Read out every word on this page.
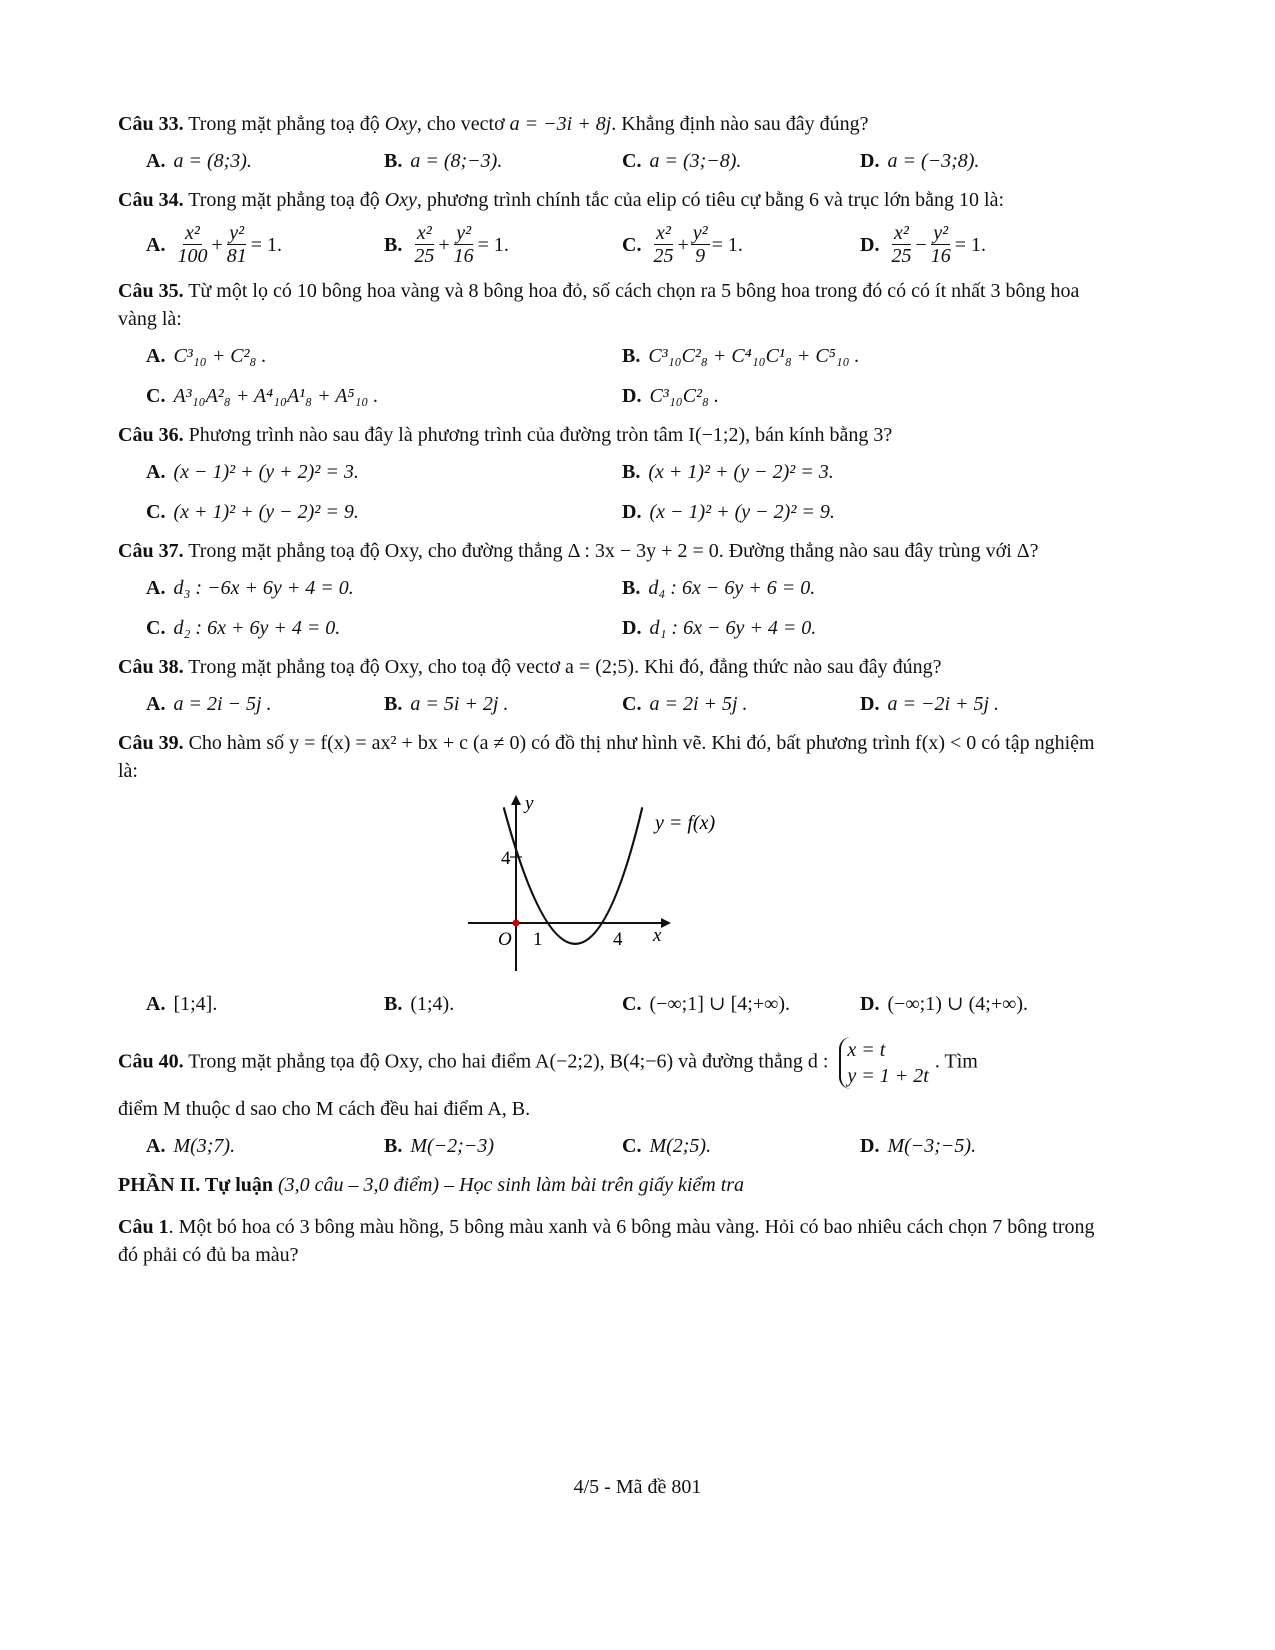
Câu 33. Trong mặt phẳng toạ độ Oxy, cho vectơ a = −3i + 8j. Khẳng định nào sau đây đúng?
A. a = (8;3).	B. a = (8;−3).	C. a = (3;−8).	D. a = (−3;8).
Câu 34. Trong mặt phẳng toạ độ Oxy, phương trình chính tắc của elip có tiêu cự bằng 6 và trục lớn bằng 10 là:
A. $\frac{\text{x²}}{100} + \frac{\text{y²}}{81} = 1$.	B. $\frac{\text{x²}}{25} + \frac{\text{y²}}{16} = 1$.	C. $\frac{\text{x²}}{25} + \frac{\text{y²}}{9} = 1$.	D. $\frac{\text{x²}}{25} - \frac{\text{y²}}{16} = 1$.
Câu 35. Từ một lọ có 10 bông hoa vàng và 8 bông hoa đỏ, số cách chọn ra 5 bông hoa trong đó có có ít nhất 3 bông hoa vàng là:
A. C³₁₀ + C²₈ .	B. C³₁₀C²₈ + C⁴₁₀C¹₈ + C⁵₁₀ .
C. A³₁₀A²₈ + A⁴₁₀A¹₈ + A⁵₁₀ .	D. C³₁₀C²₈ .
Câu 36. Phương trình nào sau đây là phương trình của đường tròn tâm I(−1;2), bán kính bằng 3?
A. (x − 1)² + (y + 2)² = 3.	B. (x + 1)² + (y − 2)² = 3.
C. (x + 1)² + (y − 2)² = 9.	D. (x − 1)² + (y − 2)² = 9.
Câu 37. Trong mặt phẳng toạ độ Oxy, cho đường thẳng Δ : 3x − 3y + 2 = 0. Đường thẳng nào sau đây trùng với Δ?
A. d₃ : −6x + 6y + 4 = 0.	B. d₄ : 6x − 6y + 6 = 0.
C. d₂ : 6x + 6y + 4 = 0.	D. d₁ : 6x − 6y + 4 = 0.
Câu 38. Trong mặt phẳng toạ độ Oxy, cho toạ độ vectơ a = (2;5). Khi đó, đẳng thức nào sau đây đúng?
A. a = 2i − 5j .	B. a = 5i + 2j .	C. a = 2i + 5j .	D. a = −2i + 5j .
Câu 39. Cho hàm số y = f(x) = ax² + bx + c (a ≠ 0) có đồ thị như hình vẽ. Khi đó, bất phương trình f(x) < 0 có tập nghiệm là:
y
x
O
4
1	4
y = f(x)
A. [1;4].	B. (1;4).	C. (−∞;1] ∪ [4;+∞).	D. (−∞;1) ∪ (4;+∞).
Câu 40. Trong mặt phẳng tọa độ Oxy, cho hai điểm A(−2;2), B(4;−6) và đường thẳng d :
x = t
y = 1 + 2t
. Tìm
điểm M thuộc d sao cho M cách đều hai điểm A, B.
A. M(3;7).	B. M(−2;−3)	C. M(2;5).	D. M(−3;−5).
PHẦN II. Tự luận (3,0 câu – 3,0 điểm) – Học sinh làm bài trên giấy kiểm tra
Câu 1. Một bó hoa có 3 bông màu hồng, 5 bông màu xanh và 6 bông màu vàng. Hỏi có bao nhiêu cách chọn 7 bông trong đó phải có đủ ba màu?
4/5 - Mã đề 801
